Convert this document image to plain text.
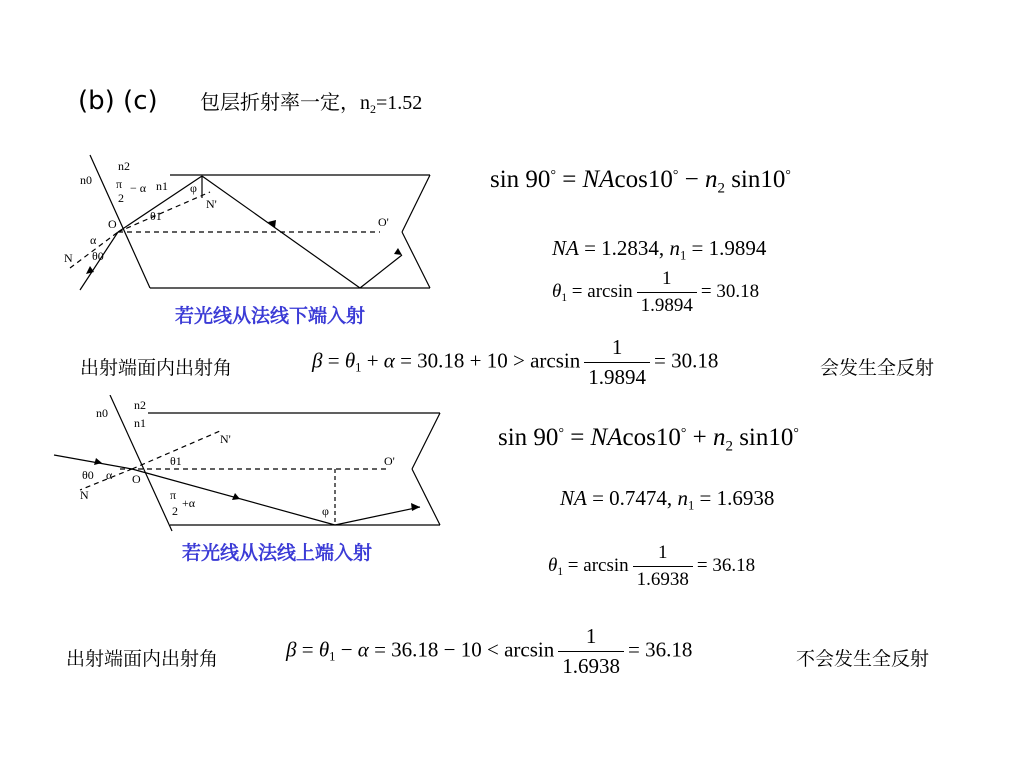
(b) (c) 包层折射率一定，$n_2=1.52$
n0
n2
n1
π
2
− α	φ
N'
θ1
O	O'
α
N θ0
若光线从法线下端入射
$\sin 90^\circ = NAcos10^\circ - n_2$ sin10°
NA = 1.2834, $n_1 = 1.9894$
$\theta_1 = \arcsin \frac{1}{1.9894} = 30.18$
出射端面内出射角	$\beta = \theta_1 + \alpha = 30.18 + 10 > \arcsin \frac{1}{1.9894} = 30.18$	会发生全反射
n0
n2
n1
N'
θ1
θ0 α O
N	π
2
+α
φ
O'
若光线从法线上端入射
$\sin 90^\circ = NAcos10^\circ + n_2$ sin10°
NA = 0.7474, $n_1 = 1.6938$
$\theta_1 = \arcsin \frac{1}{1.6938} = 36.18$
出射端面内出射角	$\beta = \theta_1 - \alpha = 36.18 - 10 < \arcsin \frac{1}{1.6938} = 36.18$	不会发生全反射
